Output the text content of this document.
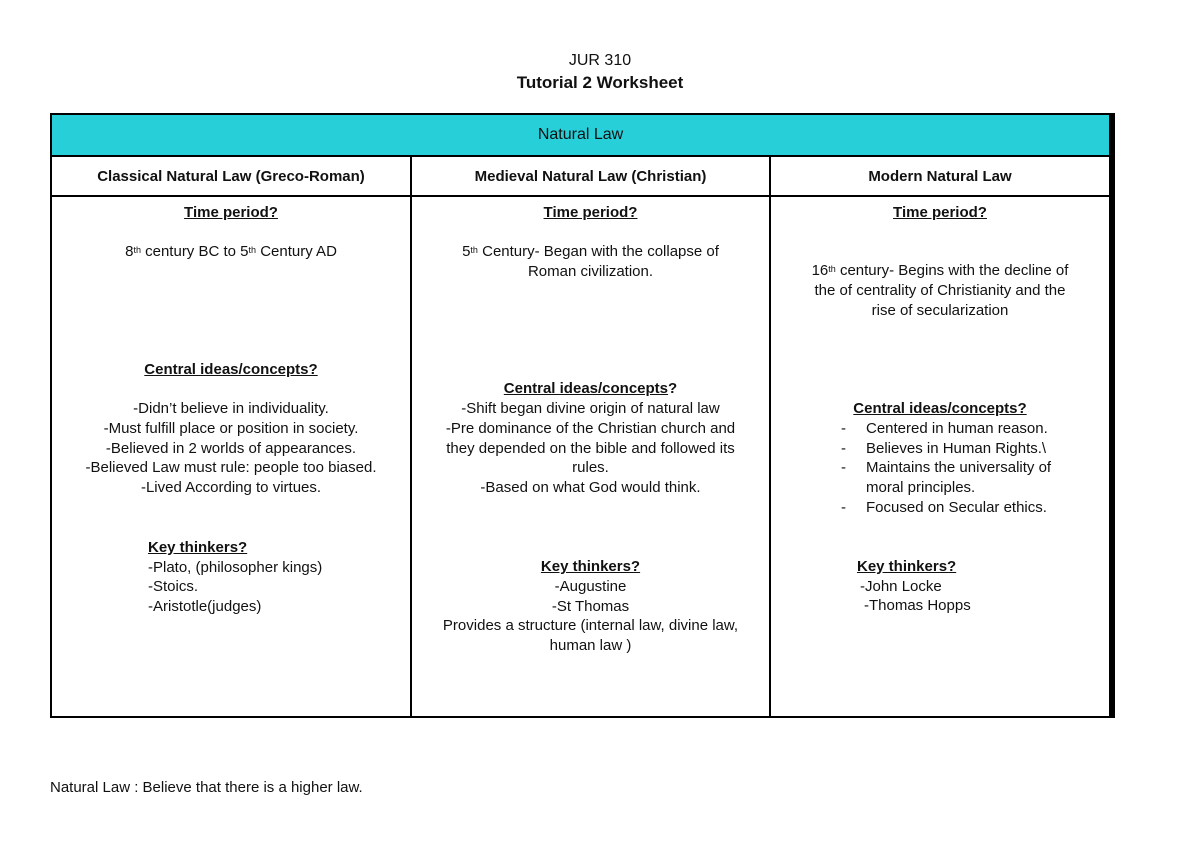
JUR 310
Tutorial 2 Worksheet
Natural Law
Classical Natural Law (Greco-Roman)	Medieval Natural Law (Christian)	Modern Natural Law
Time period?
8th century BC to 5th Century AD
Central ideas/concepts?
-Didn’t believe in individuality.
-Must fulfill place or position in society.
-Believed in 2 worlds of appearances.
-Believed Law must rule: people too biased.
-Lived According to virtues.
Key thinkers?
-Plato, (philosopher kings)
-Stoics.
-Aristotle(judges)
Time period?
5th Century- Began with the collapse of
Roman civilization.
Central ideas/concepts?
-Shift began divine origin of natural law
-Pre dominance of the Christian church and
they depended on the bible and followed its
rules.
-Based on what God would think.
Key thinkers?
-Augustine
-St Thomas
Provides a structure (internal law, divine law,
human law )
Time period?
16th century- Begins with the decline of
the of centrality of Christianity and the
rise of secularization
Central ideas/concepts?
-	Centered in human reason.
-	Believes in Human Rights.\
-	Maintains the universality of
moral principles.
-	Focused on Secular ethics.
Key thinkers?
-John Locke
-Thomas Hopps
Natural Law : Believe that there is a higher law.
